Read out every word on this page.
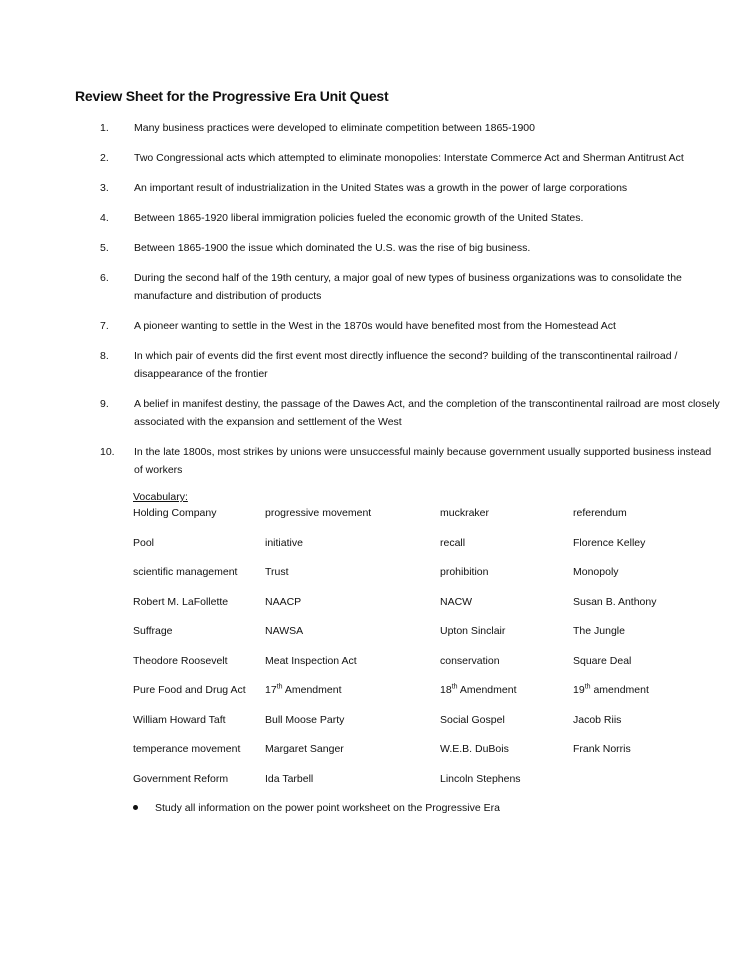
Review Sheet for the Progressive Era Unit Quest
1.	Many business practices were developed to eliminate competition between 1865-1900
2.	Two Congressional acts which attempted to eliminate monopolies: Interstate Commerce Act and Sherman Antitrust Act
3.	An important result of industrialization in the United States was a growth in the power of large corporations
4.	Between 1865-1920 liberal immigration policies fueled the economic growth of the United States.
5.	Between 1865-1900 the issue which dominated the U.S. was the rise of big business.
6.	During the second half of the 19th century, a major goal of new types of business organizations was to consolidate the manufacture and distribution of products
7.	A pioneer wanting to settle in the West in the 1870s would have benefited most from the Homestead Act
8.	In which pair of events did the first event most directly influence the second? building of the transcontinental railroad / disappearance of the frontier
9.	A belief in manifest destiny, the passage of the Dawes Act, and the completion of the transcontinental railroad are most closely associated with the expansion and settlement of the West
10.	In the late 1800s, most strikes by unions were unsuccessful mainly because government usually supported business instead of workers
Vocabulary:
Holding Company	progressive movement	muckraker	referendum
Pool	initiative	recall	Florence Kelley
scientific management	Trust	prohibition	Monopoly
Robert M. LaFollette	NAACP	NACW	Susan B. Anthony
Suffrage	NAWSA	Upton Sinclair	The Jungle
Theodore Roosevelt	Meat Inspection Act	conservation	Square Deal
Pure Food and Drug Act	17th Amendment	18th Amendment	19th amendment
William Howard Taft	Bull Moose Party	Social Gospel	Jacob Riis
temperance movement	Margaret Sanger	W.E.B. DuBois	Frank Norris
Government Reform	Ida Tarbell	Lincoln Stephens
Study all information on the power point worksheet on the Progressive Era
